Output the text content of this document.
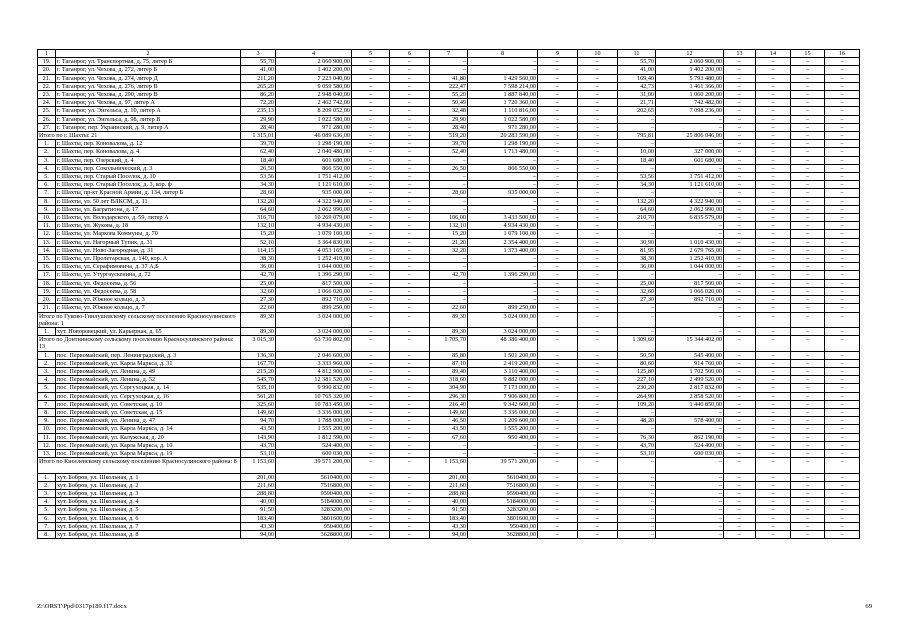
1	2	3	4	5	6	7	8	9	10	11	12	13	14	15	16
19.	г. Таганрог, ул. Транспортная, д. 75, литер Б	55,70	2 060 900,00	–	–	–	–	–	–	55,70	2 060 900,00	–	–	–	–
20.	г. Таганрог, ул. Чехова, д. 272, литер Б	41,00	1 402 200,00	–	–	–	–	–	–	41,00	1 402 200,00	–	–	–	–
21.	г. Таганрог, ул. Чехова, д. 274, литер Д	211,20	7 223 040,00	–	–	41,80	1 429 560,00	–	–	169,40	5 793 480,00	–	–	–	–
22.	г. Таганрог, ул. Чехова, д. 276, литер В	265,20	9 059 580,00	–	–	222,47	7 598 214,00	–	–	42,73	1 461 366,00	–	–	–	–
23.	г. Таганрог, ул. Чехова, д. 290, литер В	86,20	2 948 040,00	–	–	55,20	1 887 840,00	–	–	31,00	1 060 200,00	–	–	–	–
24.	г. Таганрог, ул. Чехова, д. 97, литер А	72,20	2 462 742,00	–	–	50,49	1 720 360,00	–	–	21,71	742 482,00	–	–	–	–
25.	г. Таганрог, ул. Энгельса, д. 10, литер А	235,13	8 209 052,00	–	–	32,48	1 110 816,00	–	–	202,65	7 098 236,00	–	–	–	–
26.	г. Таганрог, ул. Энгельса, д. 98, литер В	29,90	1 022 580,00	–	–	29,90	1 022 580,00	–	–	–	–	–	–	–	–
27.	г. Таганрог, пер. Украинский, д. 9, литер А	28,40	971 280,00	–	–	28,40	971 280,00	–	–	–	–	–	–	–	–
Итого по г. Шахты: 21		1 315,01	46 089 636,00	–	–	519,20	20 283 590,00	–	–	795,81	25 806 046,00	–	–	–	–
1.	г. Шахты, пер. Коновалова, д. 12	39,70	1 298 190,00	–	–	39,70	1 298 190,00	–	–	–	–	–	–	–	–
2.	г. Шахты, пер. Коновалова, д. 4	62,40	2 040 480,00	–	–	52,40	1 713 480,00	–	–	10,00	327 000,00	–	–	–	–
3.	г. Шахты, пер. Озерский, д. 4	18,40	601 680,00	–	–	–	–	–	–	18,40	601 680,00	–	–	–	–
4.	г. Шахты, пер. Сокольнический, д. 3	26,50	866 550,00	–	–	26,50	866 550,00	–	–	–	–	–	–	–	–
5.	г. Шахты, пер. Старый Поселок, д. 10	53,56	1 751 412,00	–	–	–	–	–	–	53,56	1 751 412,00	–	–	–	–
6.	г. Шахты, пер. Старый Поселок, д. 3, кор. ф	34,30	1 121 610,00	–	–	–	–	–	–	34,30	1 121 610,00	–	–	–	–
7.	г. Шахты, пр-кт Красной Армии, д. 134, литер Б	28,60	935 000,00	–	–	28,60	935 000,00	–	–	–	–	–	–	–	–
8.	г. Шахты, ул. 50 лет ВЛКСМ, д. 11	132,20	4 322 940,00	–	–	–	–	–	–	132,20	4 322 940,00	–	–	–	–
9.	г. Шахты, ул. Багратиона, д. 17	64,60	2 062 990,00	–	–	–	–	–	–	64,60	2 062 990,00	–	–	–	–
10.	г. Шахты, ул. Володарского, д. 59, литер А	316,70	10 269 079,00	–	–	106,00	3 433 500,00	–	–	210,70	6 835 579,00	–	–	–	–
11.	г. Шахты, ул. Жукова, д. 18	132,10	4 934 430,00	–	–	132,10	4 934 430,00	–	–	–	–	–	–	–	–
12.	г. Шахты, ул. Маркова Коммуны, д. 70	15,20	1 079 100,00	–	–	15,20	1 079 100,00	–	–	–	–	–	–	–	–
13.	г. Шахты, ул. Нагорный Тупик, д. 31	52,10	3 364 830,00	–	–	21,20	2 354 400,00	–	–	30,90	1 010 430,00	–	–	–	–
14.	г. Шахты, ул. Ново-Загородная, д. 31	114,15	4 053 165,00	–	–	32,20	1 373 400,00	–	–	81,95	2 679 765,00	–	–	–	–
15.	г. Шахты, ул. Пролетарская, д. 140, кор. А	38,30	1 252 410,00	–	–	–	–	–	–	38,30	1 252 410,00	–	–	–	–
16.	г. Шахты, ул. Серафимовича, д. 37 А,Б	36,00	1 044 000,00	–	–	–	–	–	–	36,00	1 044 000,00	–	–	–	–
17.	г. Шахты, ул. Утургаускенина, д. 72	42,70	1 396 290,00	–	–	42,70	1 396 290,00	–	–	–	–	–	–	–	–
18.	г. Шахты, ул. Федосеева, д. 56	25,00	817 500,00	–	–	–	–	–	–	25,00	817 500,00	–	–	–	–
19.	г. Шахты, ул. Федосеева, д. 58	32,60	1 066 020,00	–	–	–	–	–	–	32,60	1 066 020,00	–	–	–	–
20.	г. Шахты, ул. Южное кольцо, д. 3	27,30	892 710,00	–	–	–	–	–	–	27,30	892 710,00	–	–	–	–
21.	г. Шахты, ул. Южное кольцо, д. 7	22,60	899 250,00	–	–	22,60	899 250,00	–	–	–	–	–	–	–	–
Итого по Гуково-Гнилушевскому сельскому поселению Красносулинского района: 1		89,30	3 024 000,00	–	–	89,30	3 024 000,00	–	–	–	–	–	–	–	–
1.	хут. Новоровецкий, ул. Карьерная, д. 65	89,30	3 024 000,00	–	–	89,30	3 024 000,00	–	–	–	–	–	–	–	–
Итого по Донтнинскому сельскому поселению Красносулинского района: 13		3 015,30	63 730 802,00	–	–	1 705,70	48 386 400,00	–	–	1 309,60	15 344 402,00	–	–	–	–
1.	пос. Первомайский, пер. Ленинградский, д. 3	136,30	2 046 600,00	–	–	85,80	1 501 200,00	–	–	50,50	545 400,00	–	–	–	–
2.	пос. Первомайский, ул. Карла Маркса, д. 31	167,70	3 333 960,00	–	–	87,10	2 419 200,00	–	–	80,60	914 760,00	–	–	–	–
3.	пос. Первомайский, ул. Ленина, д. 49	215,20	4 812 900,00	–	–	89,40	3 110 400,00	–	–	125,80	1 702 500,00	–	–	–	–
4.	пос. Первомайский, ул. Ленина, д. 52	545,70	12 381 520,00	–	–	318,60	9 882 000,00	–	–	227,10	2 499 520,00	–	–	–	–
5.	пос. Первомайский, ул. Сергухоцкая, д. 14	535,10	9 990 832,00	–	–	304,90	7 173 000,00	–	–	230,20	2 817 832,00	–	–	–	–
6.	пос. Первомайский, ул. Сергухоцкая, д. 16	561,20	10 765 320,00	–	–	296,30	7 906 800,00	–	–	264,90	2 858 520,00	–	–	–	–
7.	пос. Первомайский, ул. Советская, д. 10	325,60	10 783 450,00	–	–	216,40	9 342 600,00	–	–	109,20	1 440 850,00	–	–	–	–
8.	пос. Первомайский, ул. Советская, д. 15	149,60	3 336 000,00	–	–	149,60	3 336 000,00	–	–	–	–	–	–	–	–
9.	пос. Первомайский, ул. Ленина, д. 47	94,70	1 788 000,00	–	–	46,50	1 209 600,00	–	–	48,20	578 400,00	–	–	–	–
10.	пос. Первомайский, ул. Карла Маркса, д. 14	43,50	1 555 200,00	–	–	43,50	1 555 200,00	–	–	–	–	–	–	–	–
11.	пос. Первомайский, ул. Калужская, д. 20	143,90	1 812 590,00	–	–	67,60	950 400,00	–	–	76,30	862 190,00	–	–	–	–
12.	пос. Первомайский, ул. Карла Маркса, д. 10	43,70	524 400,00	–	–	–	–	–	–	43,70	524 400,00	–	–	–	–
13.	пос. Первомайский, ул. Карла Маркса, д. 19	53,10	600 030,00	–	–	–	–	–	–	53,10	600 030,00	–	–	–	–
Итого по Киселевскому сельскому поселению Красносулинского района: 8		1 153,60	39 571 200,00	–	–	1 153,60	39 571 200,00	–	–	–	–	–	–	–	–
1.	хут. Бобров, ул. Школьная, д. 1	201,00	5610400,00	–	–	201,00	5610400,00	–	–	–	–	–	–	–	–
2.	хут. Бобров, ул. Школьная, д. 2	211,60	7516800,00	–	–	211,60	7516800,00	–	–	–	–	–	–	–	–
3.	хут. Бобров, ул. Школьная, д. 3	288,80	9590400,00	–	–	288,80	9590400,00	–	–	–	–	–	–	–	–
4.	хут. Бобров, ул. Школьная, д. 4	40,00	5184000,00	–	–	40,00	5184000,00	–	–	–	–	–	–	–	–
5.	хут. Бобров, ул. Школьная, д. 5	91,50	3283200,00	–	–	91,50	3283200,00	–	–	–	–	–	–	–	–
6.	хут. Бобров, ул. Школьная, д. 6	183,40	3801600,00	–	–	183,40	3801600,00	–	–	–	–	–	–	–	–
7.	хут. Бобров, ул. Школьная, д. 7	43,30	950400,00	–	–	43,30	950400,00	–	–	–	–	–	–	–	–
8.	хут. Бобров, ул. Школьная, д. 8	94,00	3628800,00	–	–	94,00	3628800,00	–	–	–	–	–	–	–	–
Z:\ORST\Ppd\0317p189.f17.docx	69
